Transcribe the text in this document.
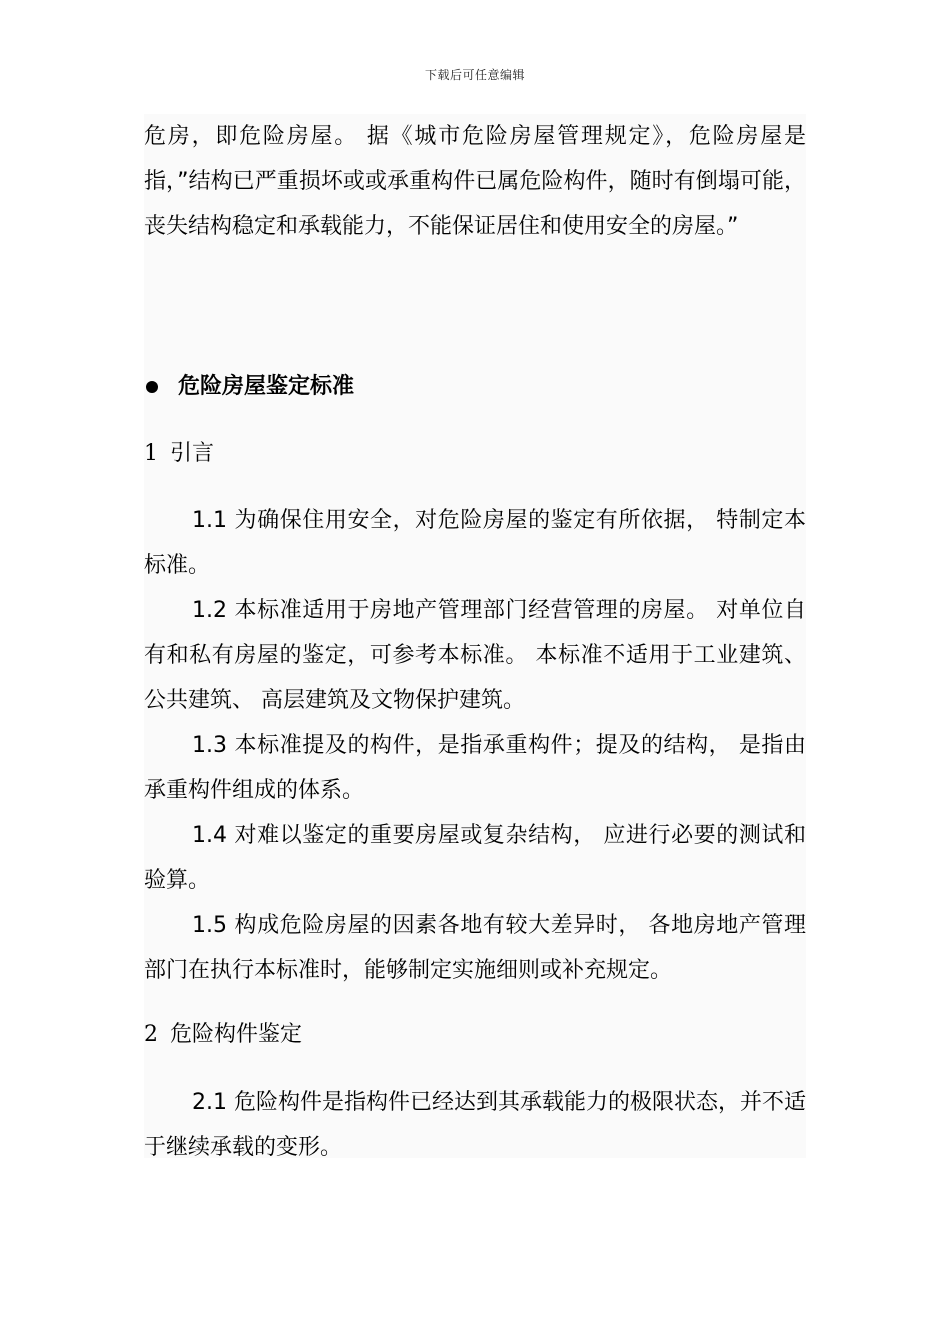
下载后可任意编辑

危房，即危险房屋。 据《城市危险房屋管理规定》，危险房屋是指，”结构已严重损坏或或承重构件已属危险构件，随时有倒塌可能，丧失结构稳定和承载能力，不能保证居住和使用安全的房屋。”

危险房屋鉴定标准
1 引言

1.1 为确保住用安全，对危险房屋的鉴定有所依据， 特制定本标准。

1.2 本标准适用于房地产管理部门经营管理的房屋。 对单位自有和私有房屋的鉴定，可参考本标准。 本标准不适用于工业建筑、 公共建筑、 高层建筑及文物保护建筑。

1.3 本标准提及的构件，是指承重构件；提及的结构， 是指由承重构件组成的体系。

1.4 对难以鉴定的重要房屋或复杂结构， 应进行必要的测试和验算。

1.5 构成危险房屋的因素各地有较大差异时， 各地房地产管理部门在执行本标准时，能够制定实施细则或补充规定。

2 危险构件鉴定

2.1 危险构件是指构件已经达到其承载能力的极限状态，并不适于继续承载的变形。
